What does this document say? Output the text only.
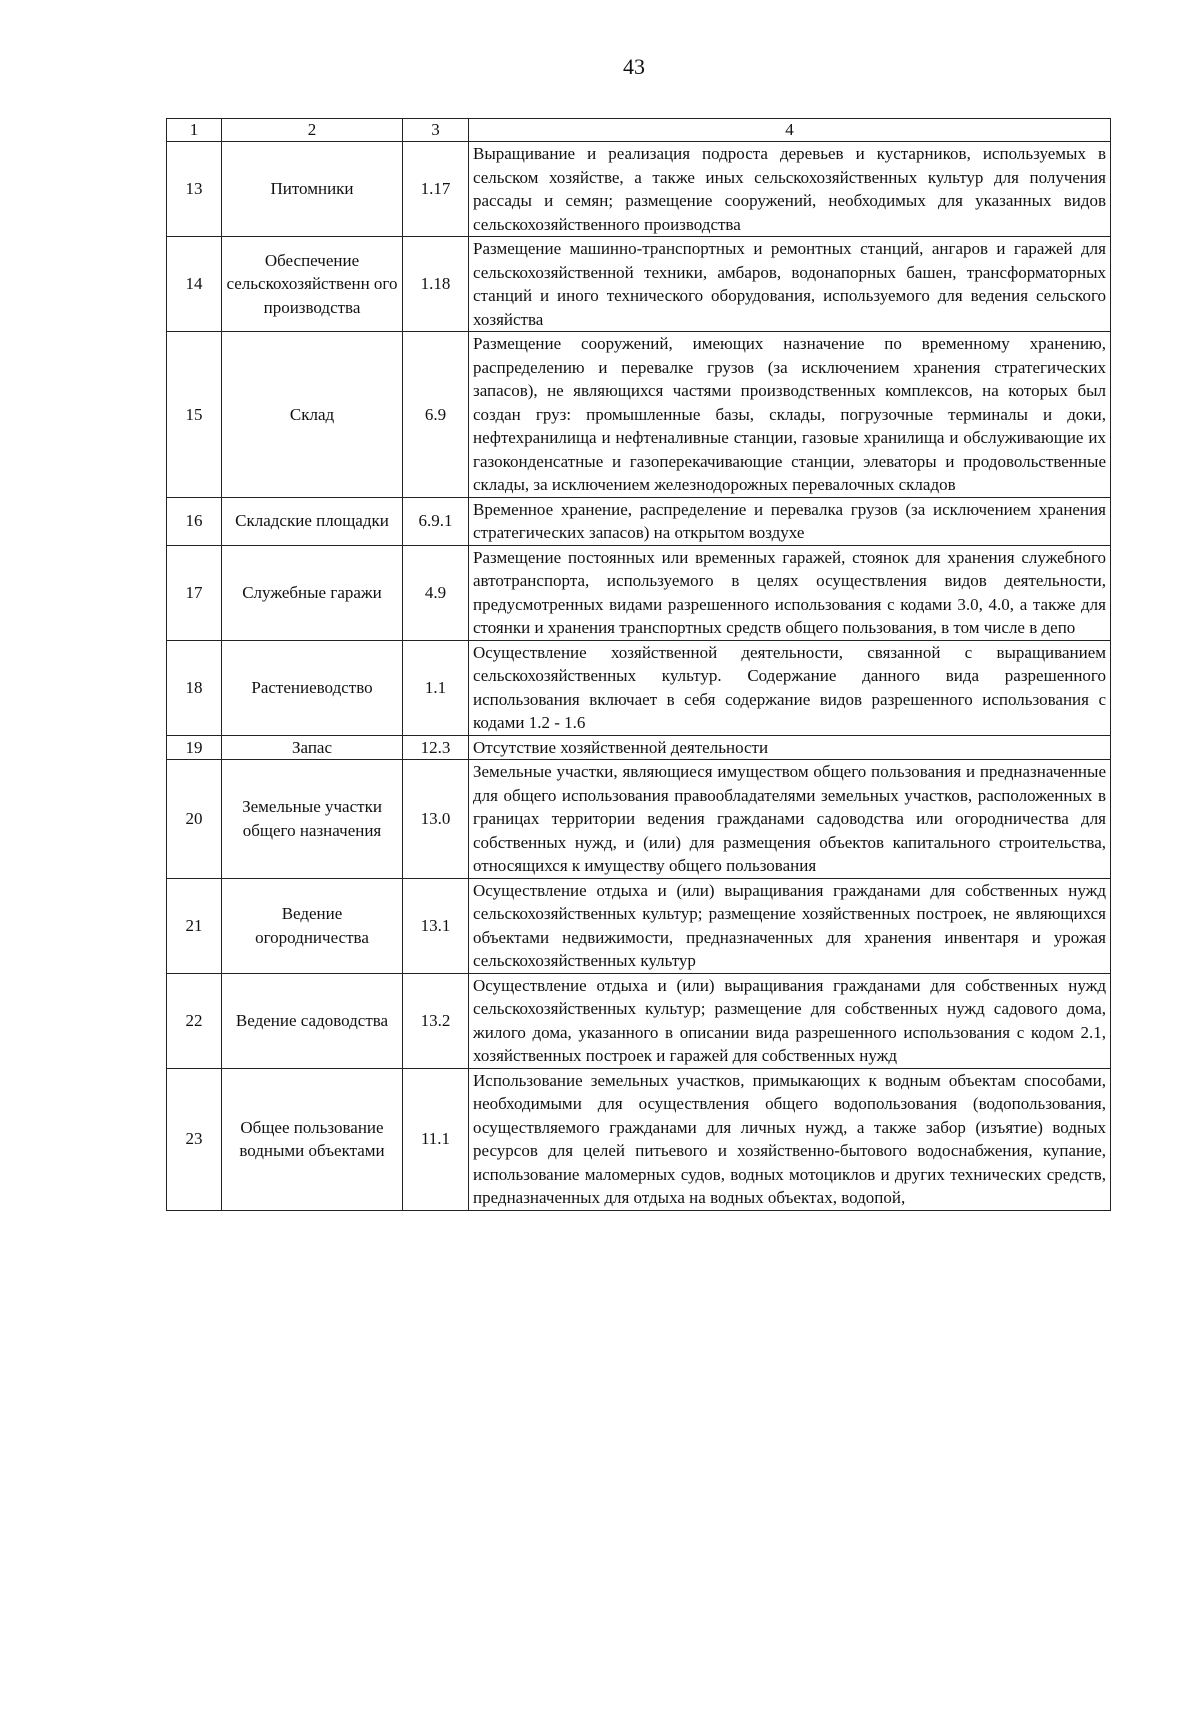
43
1	2	3	4
13	Питомники	1.17	Выращивание и реализация подроста деревьев и кустарников, используемых в сельском хозяйстве, а также иных сельскохозяйственных культур для получения рассады и семян; размещение сооружений, необходимых для указанных видов сельскохозяйственного производства
14	Обеспечение сельскохозяйственн ого производства	1.18	Размещение машинно-транспортных и ремонтных станций, ангаров и гаражей для сельскохозяйственной техники, амбаров, водонапорных башен, трансформаторных станций и иного технического оборудования, используемого для ведения сельского хозяйства
15	Склад	6.9	Размещение сооружений, имеющих назначение по временному хранению, распределению и перевалке грузов (за исключением хранения стратегических запасов), не являющихся частями производственных комплексов, на которых был создан груз: промышленные базы, склады, погрузочные терминалы и доки, нефтехранилища и нефтеналивные станции, газовые хранилища и обслуживающие их газоконденсатные и газоперекачивающие станции, элеваторы и продовольственные склады, за исключением железнодорожных перевалочных складов
16	Складские площадки	6.9.1	Временное хранение, распределение и перевалка грузов (за исключением хранения стратегических запасов) на открытом воздухе
17	Служебные гаражи	4.9	Размещение постоянных или временных гаражей, стоянок для хранения служебного автотранспорта, используемого в целях осуществления видов деятельности, предусмотренных видами разрешенного использования с кодами 3.0, 4.0, а также для стоянки и хранения транспортных средств общего пользования, в том числе в депо
18	Растениеводство	1.1	Осуществление хозяйственной деятельности, связанной с выращиванием сельскохозяйственных культур. Содержание данного вида разрешенного использования включает в себя содержание видов разрешенного использования с кодами 1.2 - 1.6
19	Запас	12.3	Отсутствие хозяйственной деятельности
20	Земельные участки общего назначения	13.0	Земельные участки, являющиеся имуществом общего пользования и предназначенные для общего использования правообладателями земельных участков, расположенных в границах территории ведения гражданами садоводства или огородничества для собственных нужд, и (или) для размещения объектов капитального строительства, относящихся к имуществу общего пользования
21	Ведение огородничества	13.1	Осуществление отдыха и (или) выращивания гражданами для собственных нужд сельскохозяйственных культур; размещение хозяйственных построек, не являющихся объектами недвижимости, предназначенных для хранения инвентаря и урожая сельскохозяйственных культур
22	Ведение садоводства	13.2	Осуществление отдыха и (или) выращивания гражданами для собственных нужд сельскохозяйственных культур; размещение для собственных нужд садового дома, жилого дома, указанного в описании вида разрешенного использования с кодом 2.1, хозяйственных построек и гаражей для собственных нужд
23	Общее пользование водными объектами	11.1	Использование земельных участков, примыкающих к водным объектам способами, необходимыми для осуществления общего водопользования (водопользования, осуществляемого гражданами для личных нужд, а также забор (изъятие) водных ресурсов для целей питьевого и хозяйственно-бытового водоснабжения, купание, использование маломерных судов, водных мотоциклов и других технических средств, предназначенных для отдыха на водных объектах, водопой,
